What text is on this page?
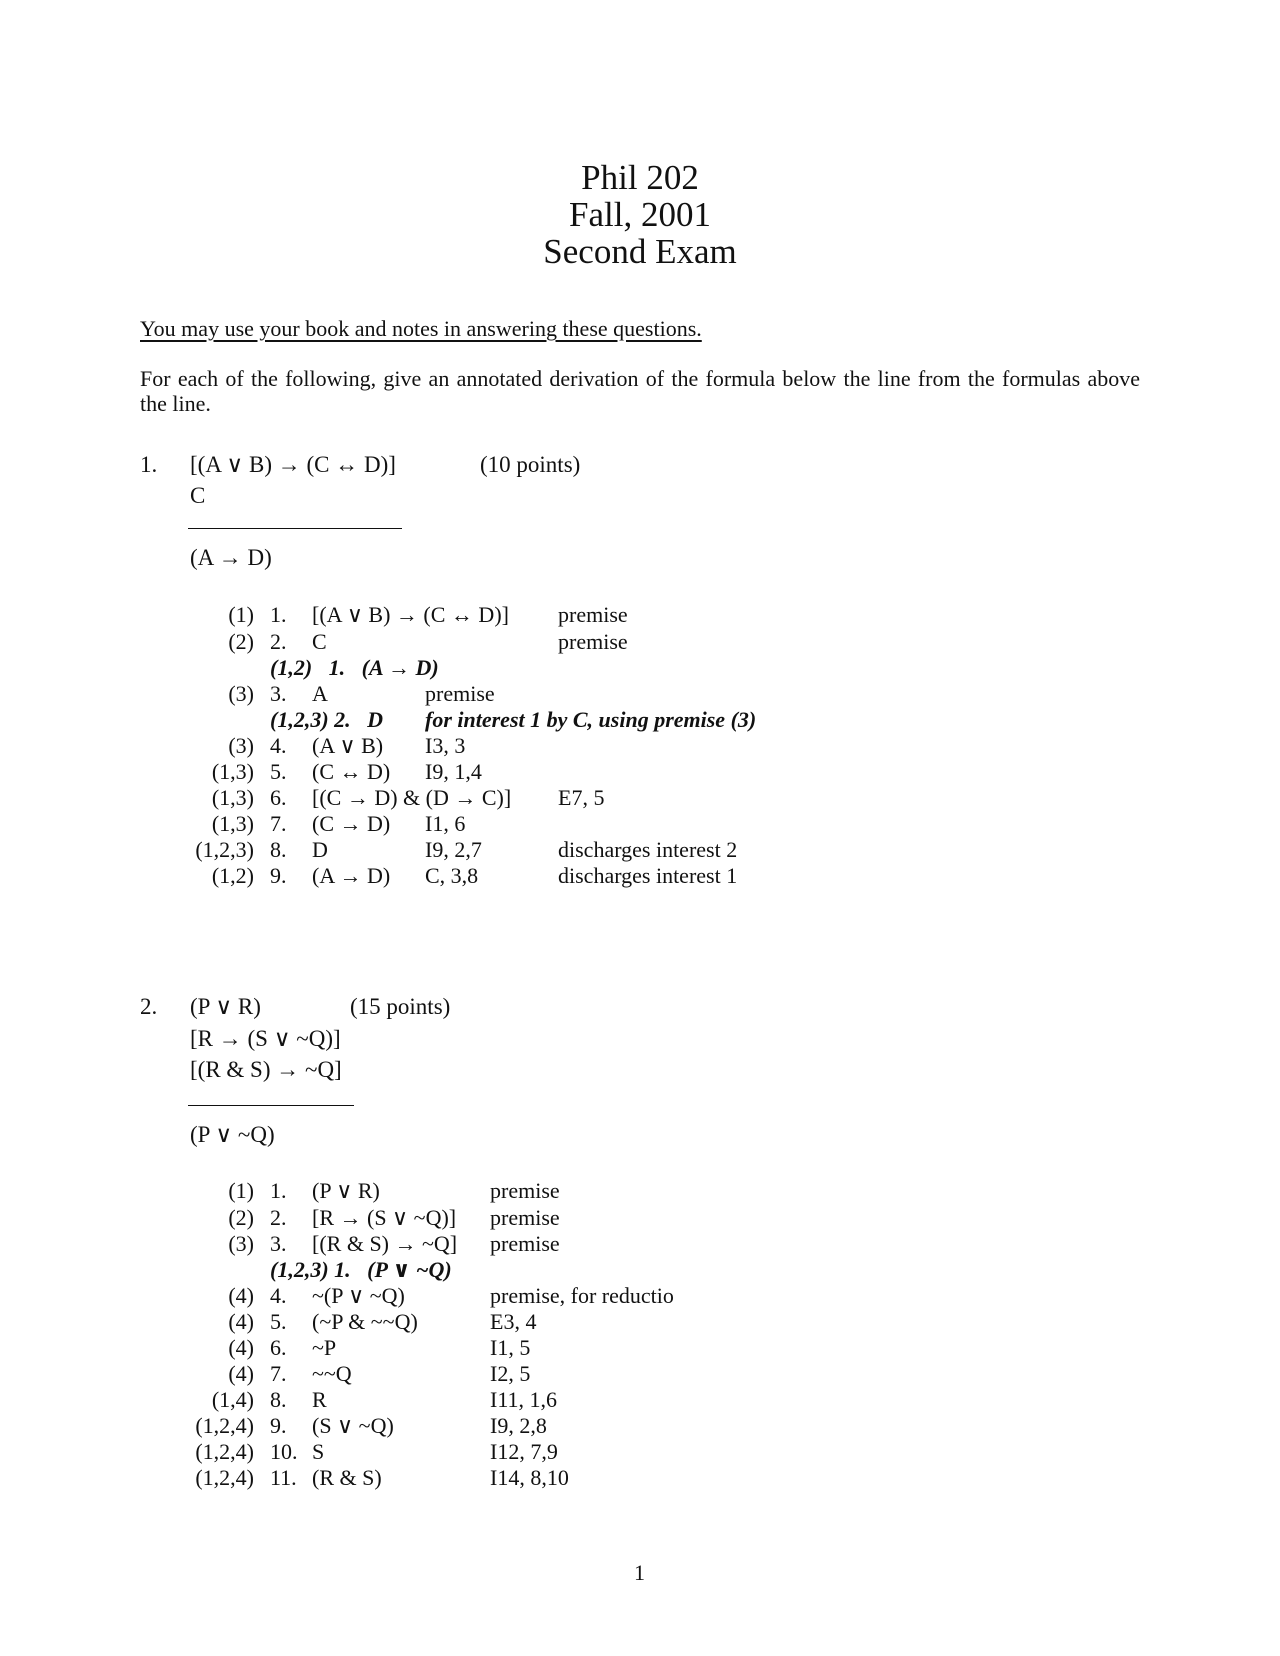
Phil 202
Fall, 2001
Second Exam
You may use your book and notes in answering these questions.
For each of the following, give an annotated derivation of the formula below the line from the formulas above the line.
1. [(A ∨ B) → (C ↔ D)]	(10 points)
C
(A → D)
(1) 1. [(A ∨ B) → (C ↔ D)] premise
(2) 2. C	premise
(1,2)   1.   (A → D)
(3) 3. A	premise
(1,2,3) 2.   D for interest 1 by C, using premise (3)
(3) 4. (A ∨ B) I3, 3
(1,3) 5. (C ↔ D) I9, 1,4
(1,3) 6. [(C → D) & (D → C)] E7, 5
(1,3) 7. (C → D) I1, 6
(1,2,3) 8. D	I9, 2,7	discharges interest 2
(1,2) 9. (A → D) C, 3,8	discharges interest 1
2. (P ∨ R)	(15 points)
[R → (S ∨ ~Q)]
[(R & S) → ~Q]
(P ∨ ~Q)
(1) 1. (P ∨ R)	premise
(2) 2. [R → (S ∨ ~Q)] premise
(3) 3. [(R & S) → ~Q] premise
(1,2,3) 1.   (P ∨ ~Q)
(4) 4. ~(P ∨ ~Q)	premise, for reductio
(4) 5. (~P & ~~Q)	E3, 4
(4) 6. ~P	I1, 5
(4) 7. ~~Q	I2, 5
(1,4) 8. R	I11, 1,6
(1,2,4) 9. (S ∨ ~Q)	I9, 2,8
(1,2,4) 10. S	I12, 7,9
(1,2,4) 11. (R & S)	I14, 8,10
1
